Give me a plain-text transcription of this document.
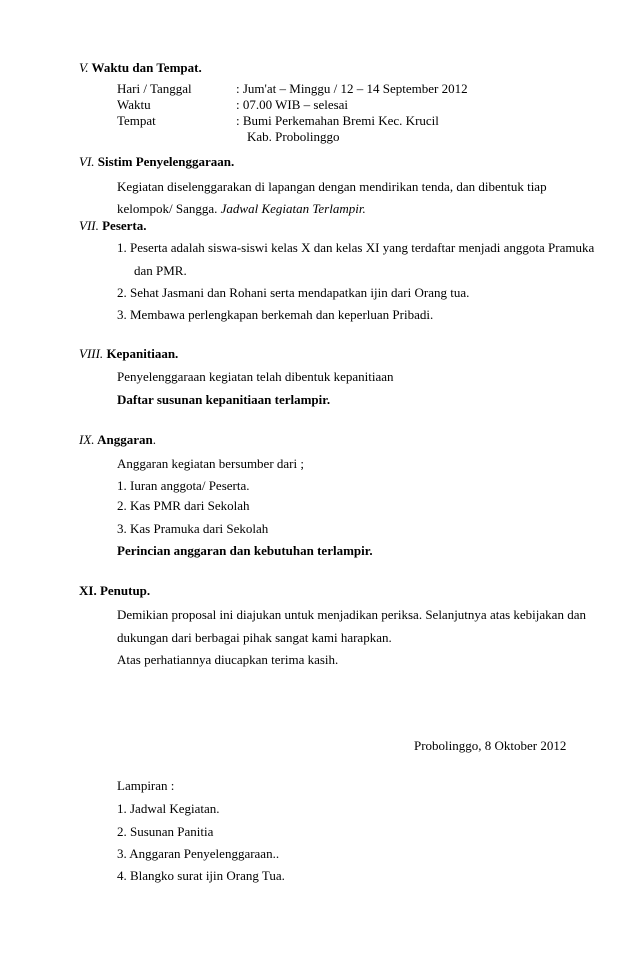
V. Waktu dan Tempat.
Hari / Tanggal	: Jum'at – Minggu / 12 – 14 September 2012
Waktu	: 07.00 WIB – selesai
Tempat	: Bumi Perkemahan Bremi Kec. Krucil
Kab. Probolinggo
VI. Sistim Penyelenggaraan.
Kegiatan diselenggarakan di lapangan dengan mendirikan tenda, dan dibentuk tiap
kelompok/ Sangga. Jadwal Kegiatan Terlampir.
VII. Peserta.
1. Peserta adalah siswa-siswi kelas X dan kelas XI yang terdaftar menjadi anggota Pramuka
dan PMR.
2. Sehat Jasmani dan Rohani serta mendapatkan ijin dari Orang tua.
3. Membawa perlengkapan berkemah dan keperluan Pribadi.
VIII. Kepanitiaan.
Penyelenggaraan kegiatan telah dibentuk kepanitiaan
Daftar susunan kepanitiaan terlampir.
IX. Anggaran.
Anggaran kegiatan bersumber dari ;
1. Iuran anggota/ Peserta.
2. Kas PMR dari Sekolah
3. Kas Pramuka dari Sekolah
Perincian anggaran dan kebutuhan terlampir.
XI. Penutup.
Demikian proposal ini diajukan untuk menjadikan periksa. Selanjutnya atas kebijakan dan
dukungan dari berbagai pihak sangat kami harapkan.
Atas perhatiannya diucapkan terima kasih.
Probolinggo, 8 Oktober 2012
Lampiran :
1. Jadwal Kegiatan.
2. Susunan Panitia
3. Anggaran Penyelenggaraan..
4. Blangko surat ijin Orang Tua.
